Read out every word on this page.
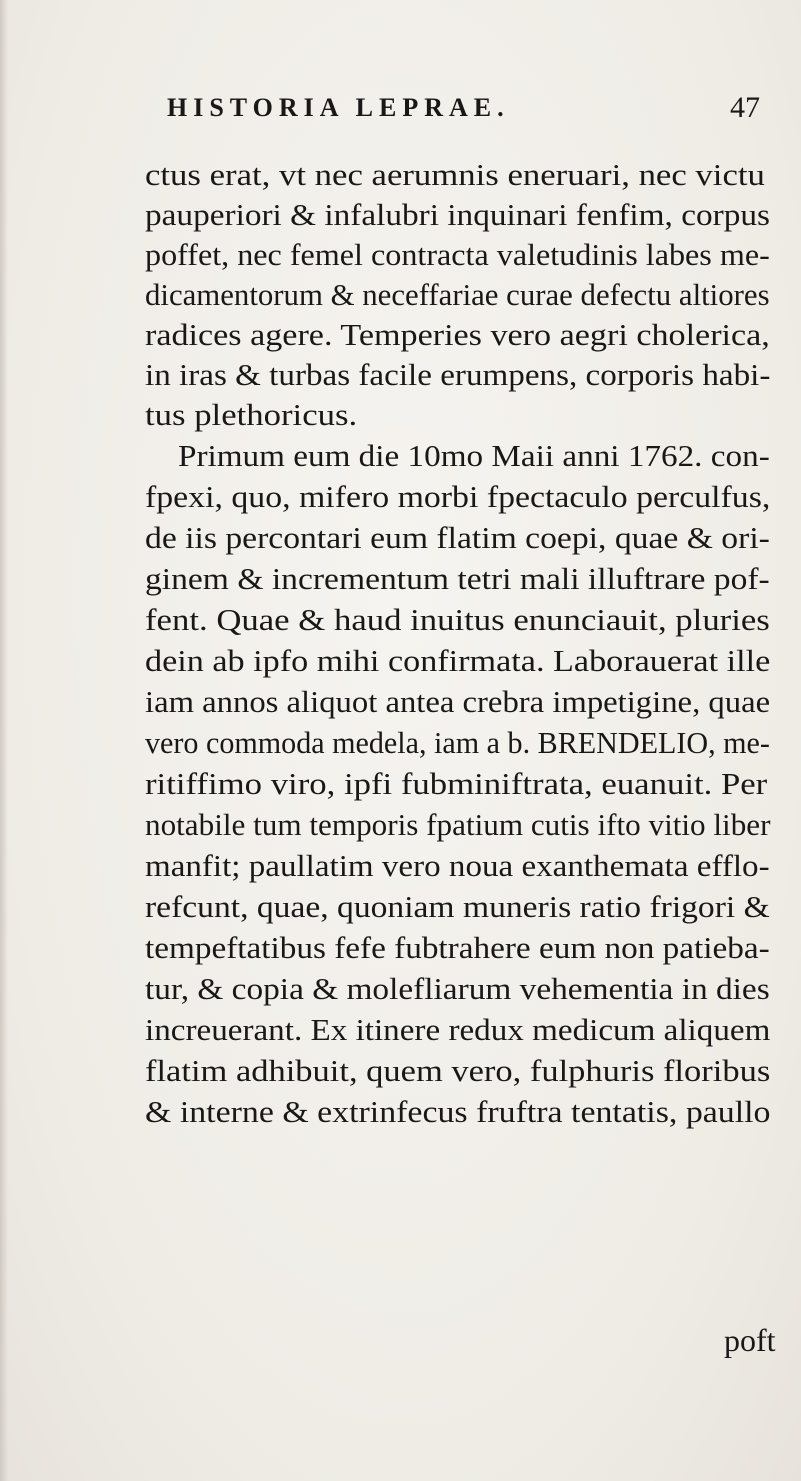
HISTORIA LEPRAE.	47
ctus erat, vt nec aerumnis eneruari, nec victu
pauperiori & infalubri inquinari fenfim, corpus
poffet, nec femel contracta valetudinis labes me-
dicamentorum & neceffariae curae defectu altiores
radices agere. Temperies vero aegri cholerica,
in iras & turbas facile erumpens, corporis habi-
tus plethoricus.
Primum eum die 10mo Maii anni 1762. con-
fpexi, quo, mifero morbi fpectaculo perculfus,
de iis percontari eum flatim coepi, quae & ori-
ginem & incrementum tetri mali illuftrare pof-
fent. Quae & haud inuitus enunciauit, pluries
dein ab ipfo mihi confirmata. Laborauerat ille
iam annos aliquot antea crebra impetigine, quae
vero commoda medela, iam a b. BRENDELIO, me-
ritiffimo viro, ipfi fubminiftrata, euanuit. Per
notabile tum temporis fpatium cutis ifto vitio liber
manfit; paullatim vero noua exanthemata efflo-
refcunt, quae, quoniam muneris ratio frigori &
tempeftatibus fefe fubtrahere eum non patieba-
tur, & copia & molefliarum vehementia in dies
increuerant. Ex itinere redux medicum aliquem
flatim adhibuit, quem vero, fulphuris floribus
& interne & extrinfecus fruftra tentatis, paullo
poft
